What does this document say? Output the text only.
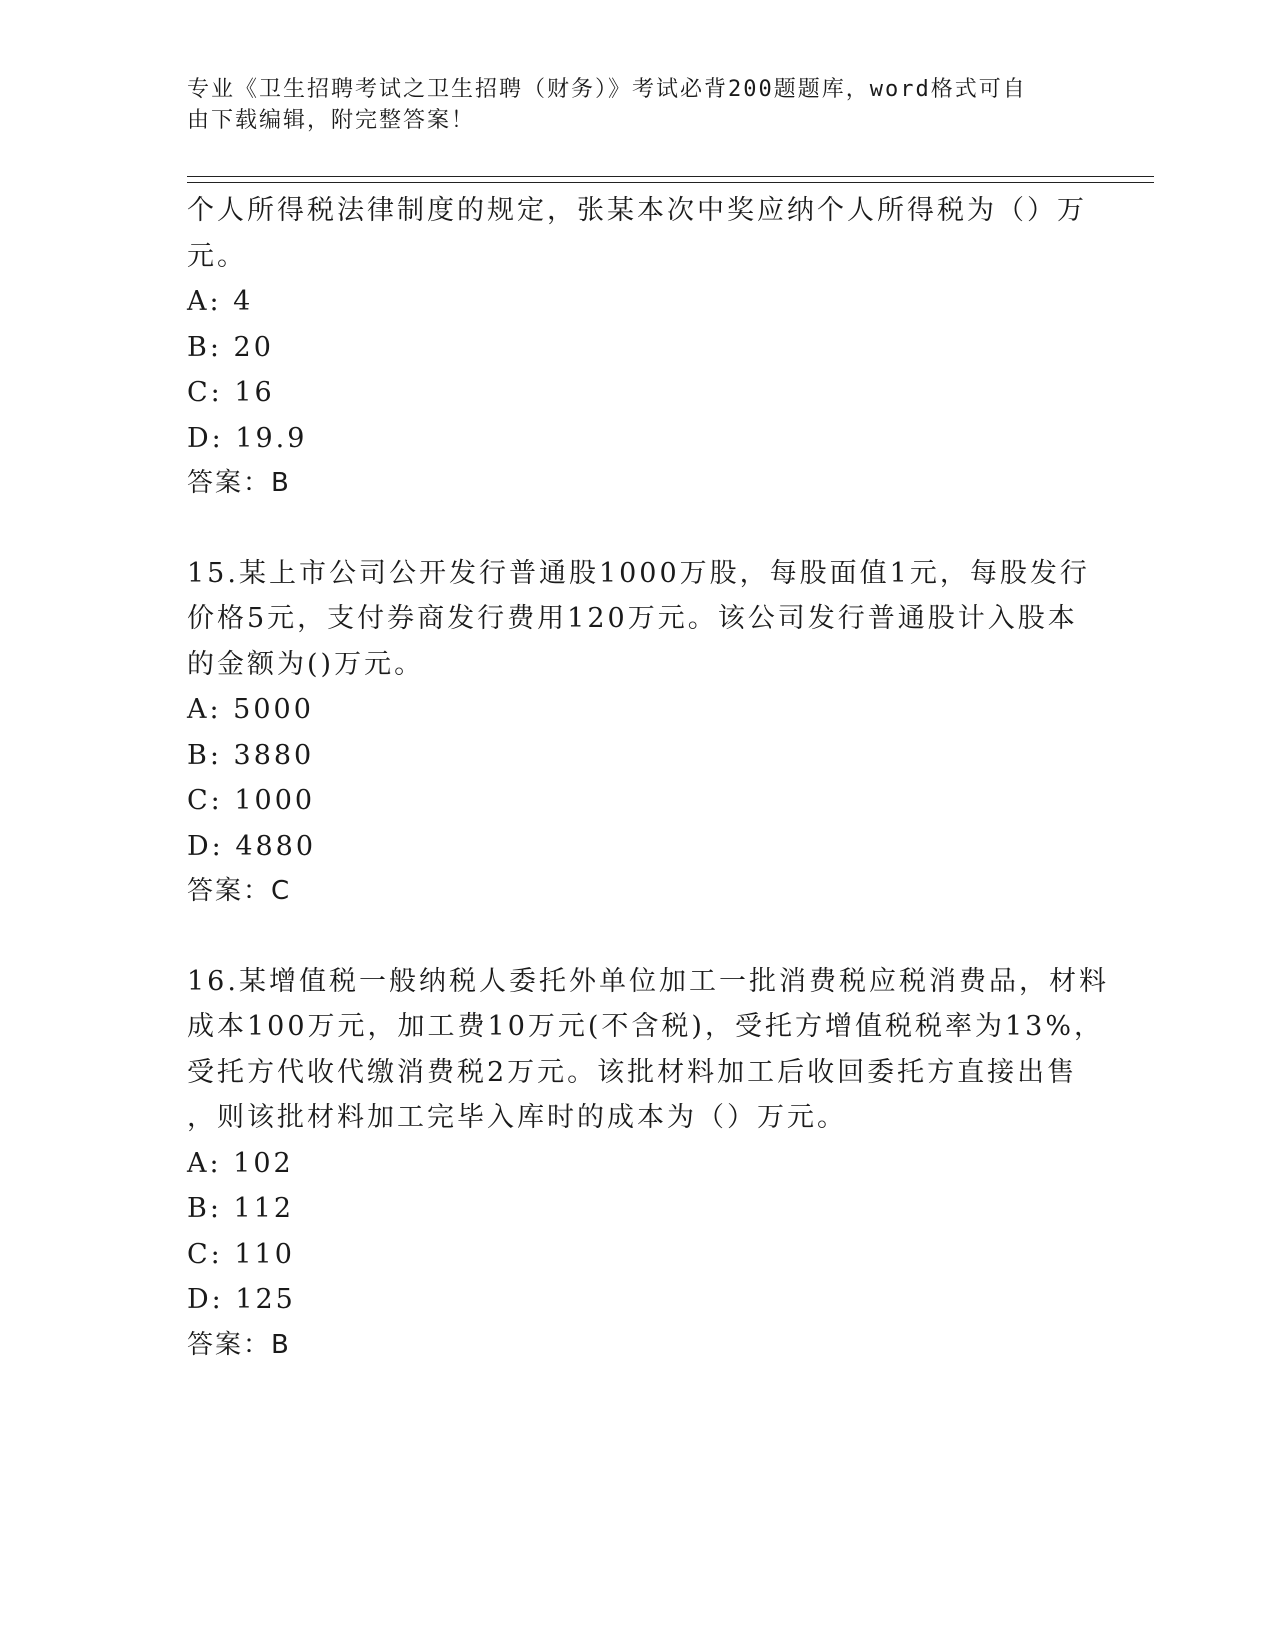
专业《卫生招聘考试之卫生招聘（财务）》考试必背200题题库，word格式可自
由下载编辑，附完整答案！
个人所得税法律制度的规定，张某本次中奖应纳个人所得税为（）万
元。
A: 4
B: 20
C: 16
D: 19.9
答案：B
15.某上市公司公开发行普通股1000万股，每股面值1元，每股发行
价格5元，支付券商发行费用120万元。该公司发行普通股计入股本
的金额为()万元。
A: 5000
B: 3880
C: 1000
D: 4880
答案：C
16.某增值税一般纳税人委托外单位加工一批消费税应税消费品，材料
成本100万元，加工费10万元(不含税)，受托方增值税税率为13%，
受托方代收代缴消费税2万元。该批材料加工后收回委托方直接出售
，则该批材料加工完毕入库时的成本为（）万元。
A: 102
B: 112
C: 110
D: 125
答案：B
